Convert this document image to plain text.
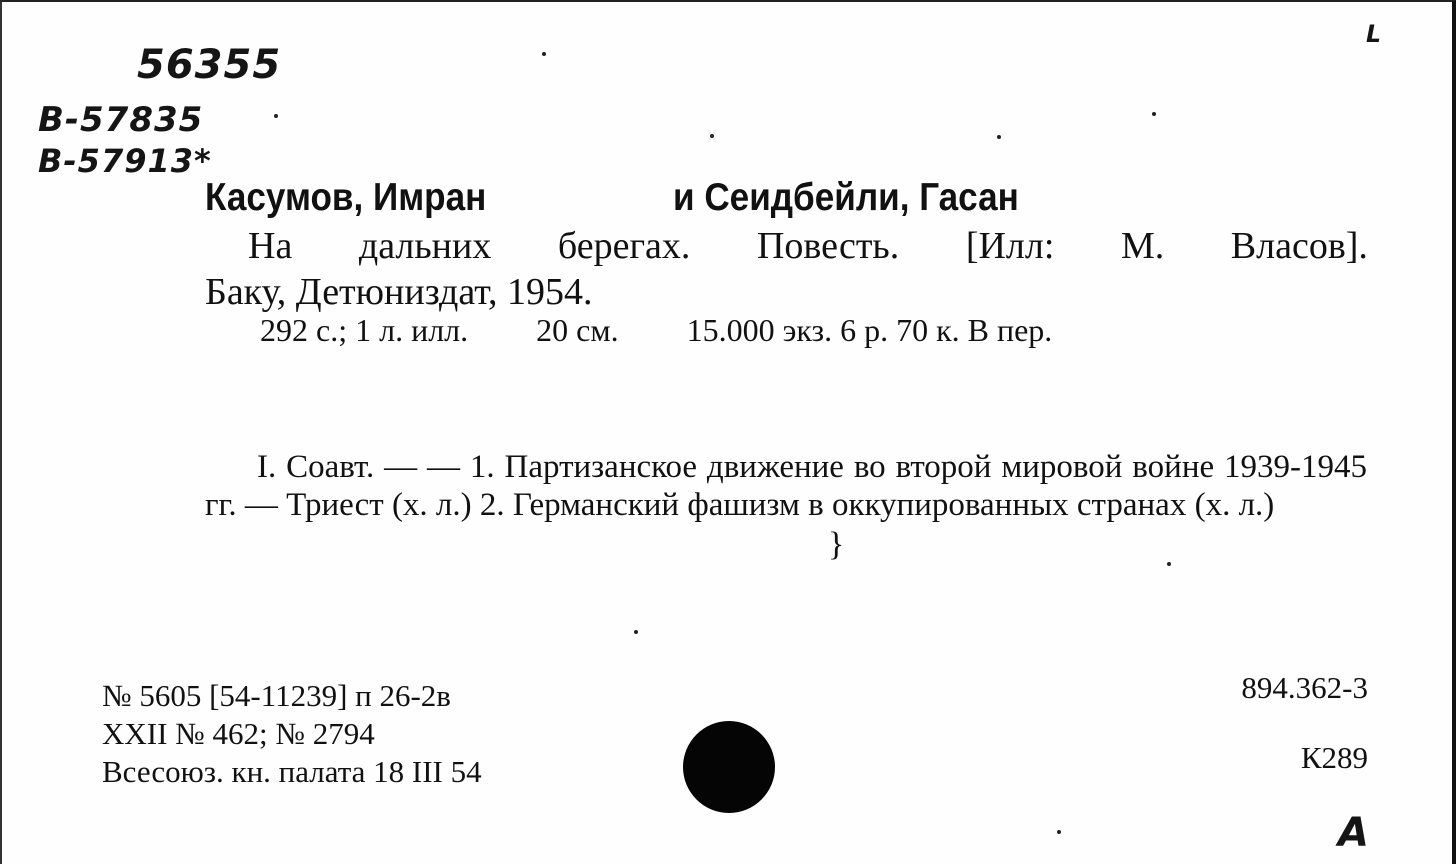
56355
B-57835
B-57913*
ᒪ
Касумов, Имран	и Сеидбейли, Гасан
На дальних берегах. Повесть. [Илл: М. Власов].
Баку, Детюниздат, 1954.
292 с.; 1 л. илл. 20 см. 15.000 экз. 6 р. 70 к. В пер.
I. Соавт. — — 1. Партизанское движение во второй мировой войне 1939-1945 гг. — Триест (х. л.) 2. Германский фашизм в оккупированных странах (х. л.)
}
№ 5605 [54-11239] п 26-2в
XXII № 462; № 2794
Всесоюз. кн. палата 18 III 54
894.362-3
К289
A
